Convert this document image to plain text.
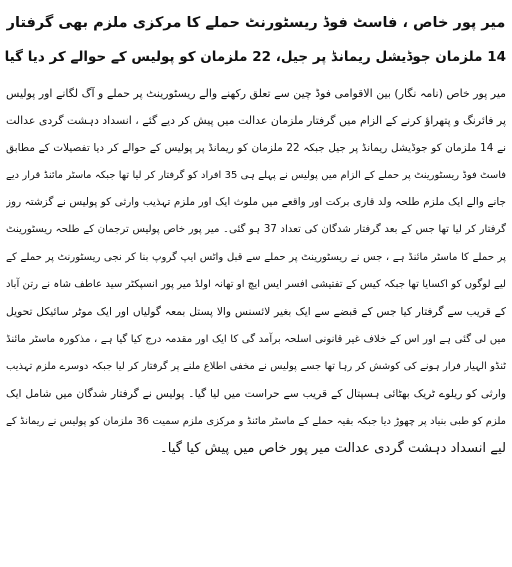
میر پور خاص ، فاسٹ فوڈ ریسٹورنٹ حملے کا مرکزی ملزم بھی گرفتار
14 ملزمان جوڈیشل ریمانڈ پر جیل، 22 ملزمان کو پولیس کے حوالے کر دیا گیا
میر پور خاص (نامہ نگار) بین الاقوامی فوڈ چین سے تعلق رکھنے والے ریسٹورینٹ پر حملے و آگ لگانے اور پولیس
پر فائرنگ و پتھراؤ کرنے کے الزام میں گرفتار ملزمان عدالت میں پیش کر دیے گئے ، انسداد دہشت گردی عدالت
نے 14 ملزمان کو جوڈیشل ریمانڈ پر جیل جبکہ 22 ملزمان کو ریمانڈ پر پولیس کے حوالے کر دیا تفصیلات کے مطابق
فاسٹ فوڈ ریسٹورینٹ پر حملے کے الزام میں پولیس نے پہلے ہی 35 افراد کو گرفتار کر لیا تھا جبکہ ماسٹر مائنڈ قرار دیے
جانے والے ایک ملزم طلحہ ولد قاری برکت اور واقعے میں ملوث ایک اور ملزم تہذیب وارثی کو پولیس نے گزشتہ روز
گرفتار کر لیا تھا جس کے بعد گرفتار شدگان کی تعداد 37 ہو گئی۔ میر پور خاص پولیس ترجمان کے طلحہ ریسٹورینٹ
پر حملے کا ماسٹر مائنڈ ہے ، جس نے ریسٹورینٹ پر حملے سے قبل واٹس ایپ گروپ بنا کر نجی ریسٹورنٹ پر حملے کے
لیے لوگوں کو اکسایا تھا جبکہ کیس کے تفتیشی افسر ایس ایچ او تھانہ اولڈ میر پور انسپکٹر سید عاطف شاہ نے رتن آباد
کے قریب سے گرفتار کیا جس کے قبضے سے ایک بغیر لائسنس والا پستل بمعہ گولیاں اور ایک موٹر سائیکل تحویل
میں لی گئی ہے اور اس کے خلاف غیر قانونی اسلحہ برآمد گی کا ایک اور مقدمہ درج کیا گیا ہے ، مذکورہ ماسٹر مائنڈ
ٹنڈو الہیار فرار ہونے کی کوشش کر رہا تھا جسے پولیس نے مخفی اطلاع ملنے پر گرفتار کر لیا جبکہ دوسرے ملزم تہذیب
وارثی کو ریلوے ٹریک بھٹائی ہسپتال کے قریب سے حراست میں لیا گیا۔ پولیس نے گرفتار شدگان میں شامل ایک
ملزم کو طبی بنیاد پر چھوڑ دیا جبکہ بقیہ حملے کے ماسٹر مائنڈ و مرکزی ملزم سمیت 36 ملزمان کو پولیس نے ریمانڈ کے
لیے انسداد دہشت گردی عدالت میر پور خاص میں پیش کیا گیا۔
